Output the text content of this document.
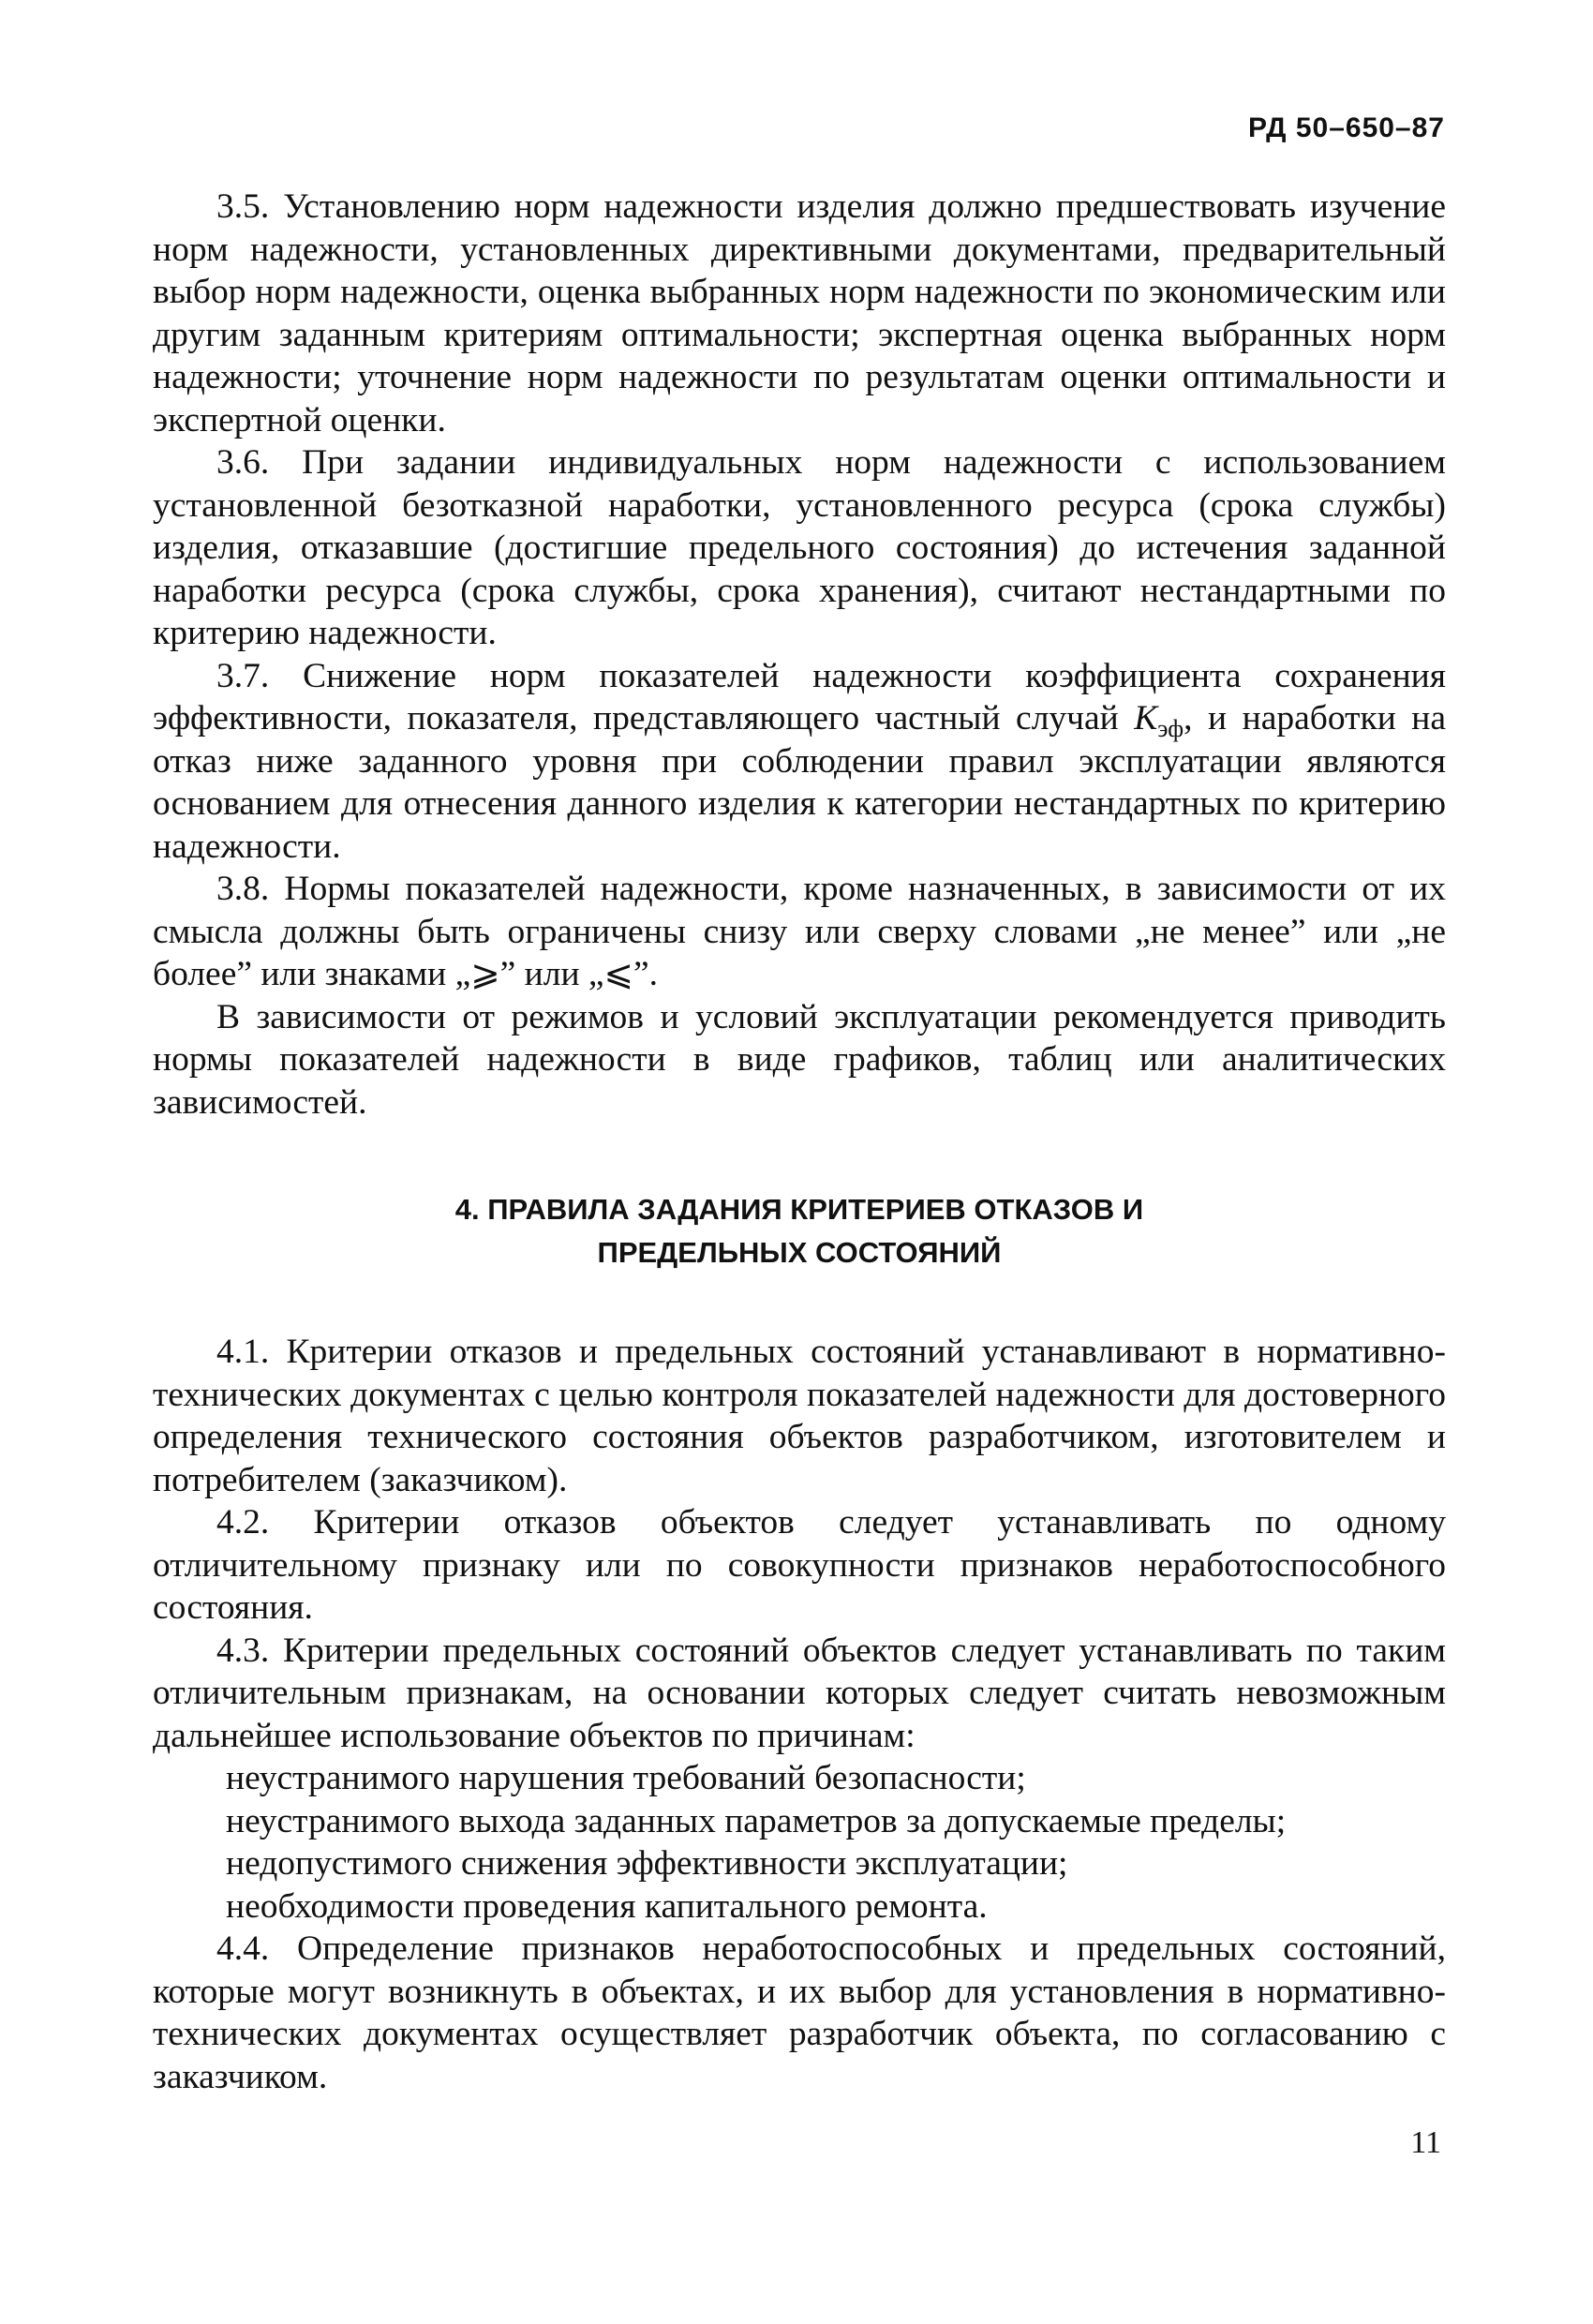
РД 50–650–87

3.5. Установлению норм надежности изделия должно предшествовать изучение норм надежности, установленных директивными документами, предварительный выбор норм надежности, оценка выбранных норм надежности по экономическим или другим заданным критериям оптимальности; экспертная оценка выбранных норм надежности; уточнение норм надежности по результатам оценки оптимальности и экспертной оценки.

3.6. При задании индивидуальных норм надежности с использованием установленной безотказной наработки, установленного ресурса (срока службы) изделия, отказавшие (достигшие предельного состояния) до истечения заданной наработки ресурса (срока службы, срока хранения), считают нестандартными по критерию надежности.

3.7. Снижение норм показателей надежности коэффициента сохранения эффективности, показателя, представляющего частный случай $K_{эф}$, и наработки на отказ ниже заданного уровня при соблюдении правил эксплуатации являются основанием для отнесения данного изделия к категории нестандартных по критерию надежности.

3.8. Нормы показателей надежности, кроме назначенных, в зависимости от их смысла должны быть ограничены снизу или сверху словами „не менее” или „не более” или знаками „⩾” или „⩽”.

В зависимости от режимов и условий эксплуатации рекомендуется приводить нормы показателей надежности в виде графиков, таблиц или аналитических зависимостей.

4. ПРАВИЛА ЗАДАНИЯ КРИТЕРИЕВ ОТКАЗОВ И
ПРЕДЕЛЬНЫХ СОСТОЯНИЙ

4.1. Критерии отказов и предельных состояний устанавливают в нормативно-технических документах с целью контроля показателей надежности для достоверного определения технического состояния объектов разработчиком, изготовителем и потребителем (заказчиком).

4.2. Критерии отказов объектов следует устанавливать по одному отличительному признаку или по совокупности признаков неработоспособного состояния.

4.3. Критерии предельных состояний объектов следует устанавливать по таким отличительным признакам, на основании которых следует считать невозможным дальнейшее использование объектов по причинам:

неустранимого нарушения требований безопасности;

неустранимого выхода заданных параметров за допускаемые пределы;

недопустимого снижения эффективности эксплуатации;

необходимости проведения капитального ремонта.

4.4. Определение признаков неработоспособных и предельных состояний, которые могут возникнуть в объектах, и их выбор для установления в нормативно-технических документах осуществляет разработчик объекта, по согласованию с заказчиком.

11
